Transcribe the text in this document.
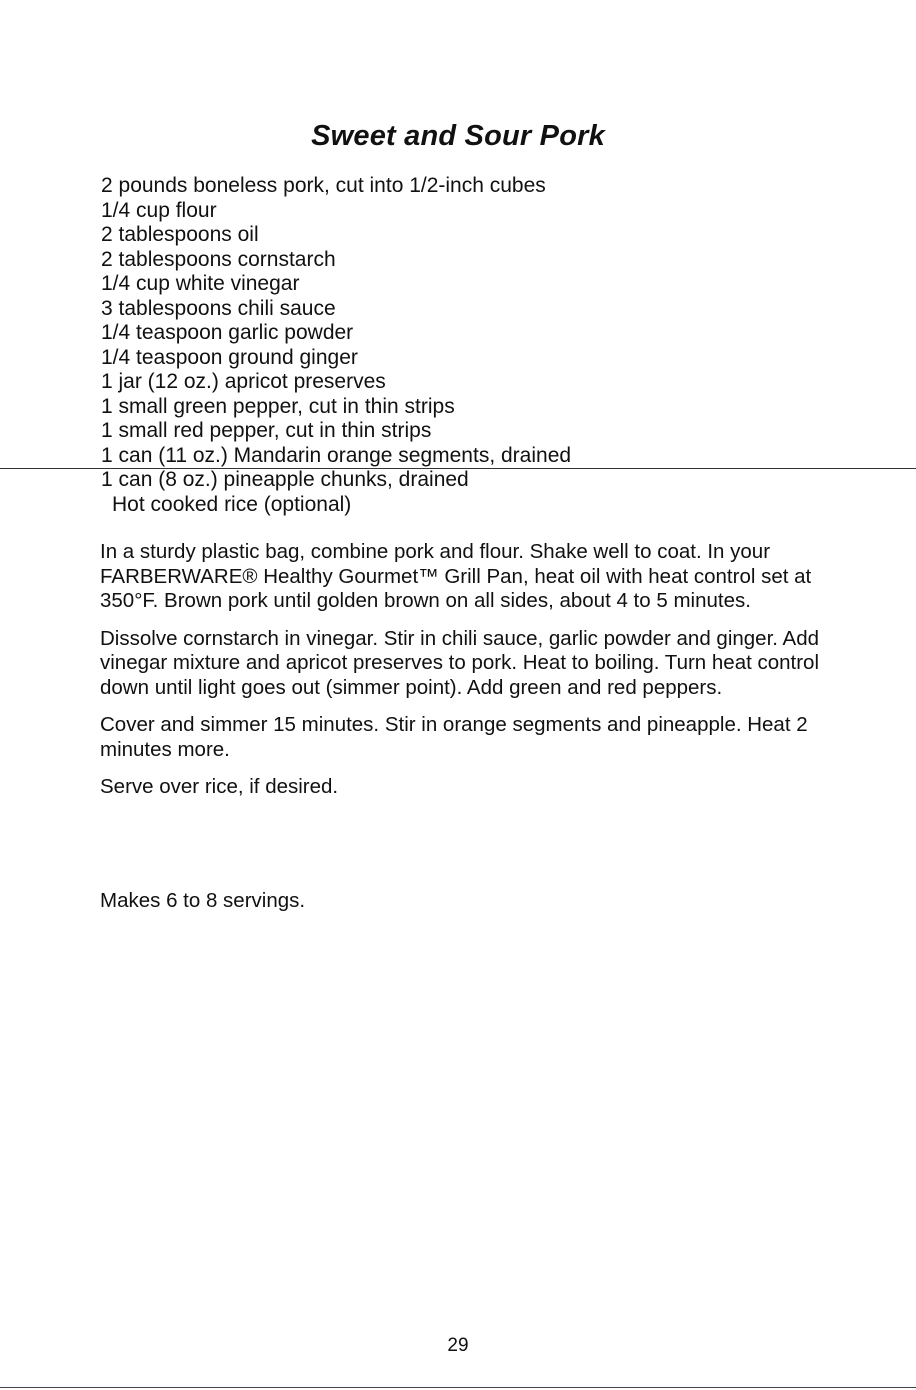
Sweet and Sour Pork
2 pounds boneless pork, cut into 1/2-inch cubes
1/4 cup flour
2 tablespoons oil
2 tablespoons cornstarch
1/4 cup white vinegar
3 tablespoons chili sauce
1/4 teaspoon garlic powder
1/4 teaspoon ground ginger
1 jar (12 oz.) apricot preserves
1 small green pepper, cut in thin strips
1 small red pepper, cut in thin strips
1 can (11 oz.) Mandarin orange segments, drained
1 can (8 oz.) pineapple chunks, drained
Hot cooked rice (optional)

In a sturdy plastic bag, combine pork and flour. Shake well to coat. In your FARBERWARE® Healthy Gourmet™ Grill Pan, heat oil with heat control set at 350°F. Brown pork until golden brown on all sides, about 4 to 5 minutes.

Dissolve cornstarch in vinegar. Stir in chili sauce, garlic powder and ginger. Add vinegar mixture and apricot preserves to pork. Heat to boiling. Turn heat control down until light goes out (simmer point). Add green and red peppers.

Cover and simmer 15 minutes. Stir in orange segments and pineapple. Heat 2 minutes more.

Serve over rice, if desired.

Makes 6 to 8 servings.
29
